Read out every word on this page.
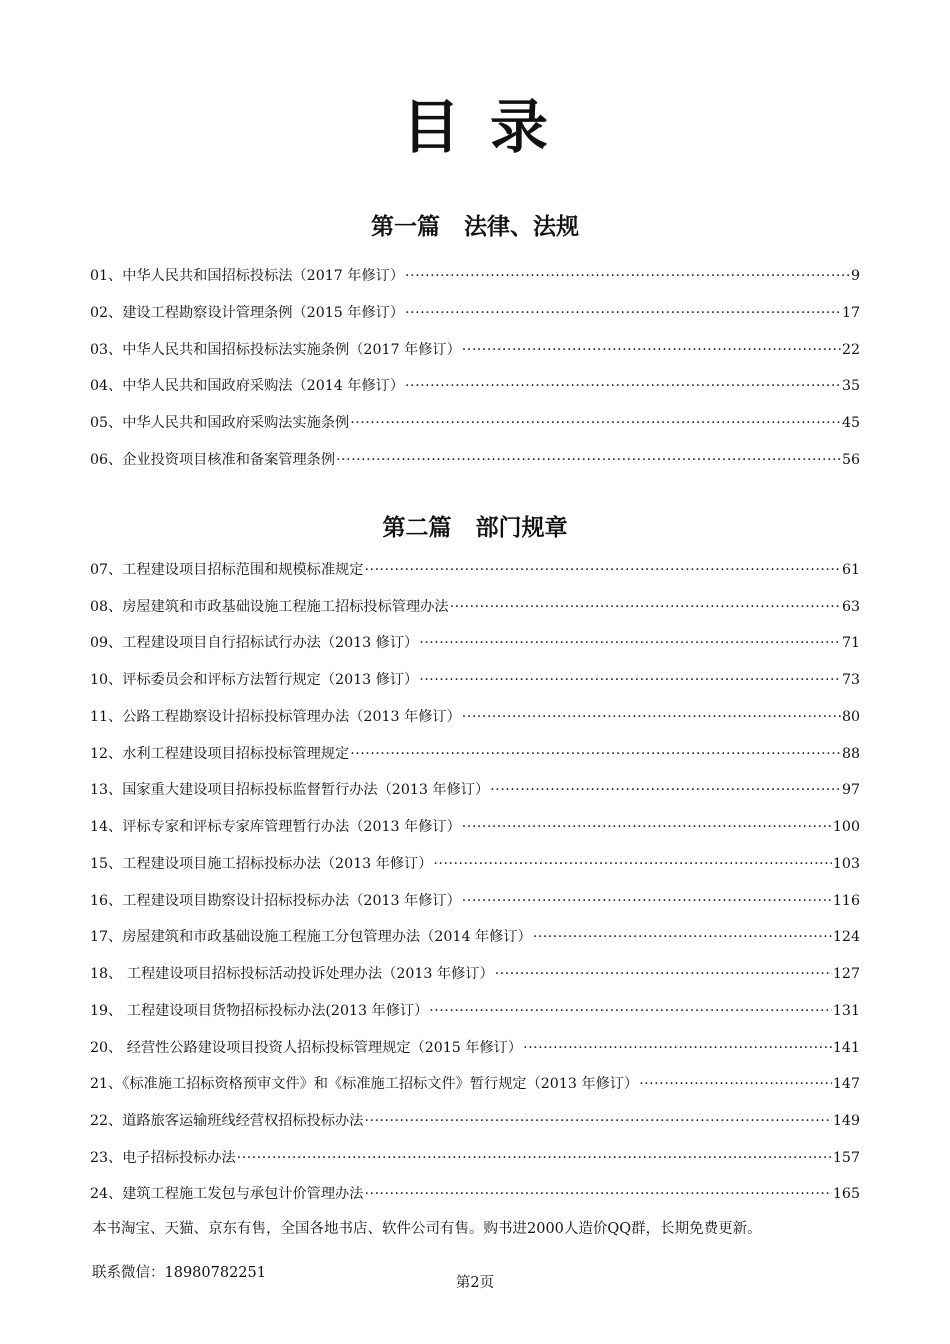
目录
第一篇 法律、法规
01、中华人民共和国招标投标法（2017 年修订） ·····	9
02、建设工程勘察设计管理条例（2015 年修订） ·····	17
03、中华人民共和国招标投标法实施条例（2017 年修订） ·····	22
04、中华人民共和国政府采购法（2014 年修订） ·····	35
05、中华人民共和国政府采购法实施条例 ·····	45
06、企业投资项目核准和备案管理条例 ·····	56
第二篇 部门规章
07、工程建设项目招标范围和规模标准规定 ·····	61
08、房屋建筑和市政基础设施工程施工招标投标管理办法 ·····	63
09、工程建设项目自行招标试行办法（2013 修订） ·····	71
10、评标委员会和评标方法暂行规定（2013 修订） ·····	73
11、公路工程勘察设计招标投标管理办法（2013 年修订） ·····	80
12、水利工程建设项目招标投标管理规定 ·····	88
13、国家重大建设项目招标投标监督暂行办法（2013 年修订） ·····	97
14、评标专家和评标专家库管理暂行办法（2013 年修订） ·····	100
15、工程建设项目施工招标投标办法（2013 年修订） ·····	103
16、工程建设项目勘察设计招标投标办法（2013 年修订） ·····	116
17、房屋建筑和市政基础设施工程施工分包管理办法（2014 年修订） ·····	124
18、 工程建设项目招标投标活动投诉处理办法（2013 年修订） ·····	127
19、 工程建设项目货物招标投标办法(2013 年修订） ·····	131
20、 经营性公路建设项目投资人招标投标管理规定（2015 年修订） ·····	141
21、《标准施工招标资格预审文件》和《标准施工招标文件》暂行规定（2013 年修订） ·····	147
22、道路旅客运输班线经营权招标投标办法 ·····	149
23、电子招标投标办法 ·····	157
24、建筑工程施工发包与承包计价管理办法 ·····	165
本书淘宝、天猫、京东有售，全国各地书店、软件公司有售。购书进2000人造价QQ群，长期免费更新。
联系微信：18980782251
第2页
